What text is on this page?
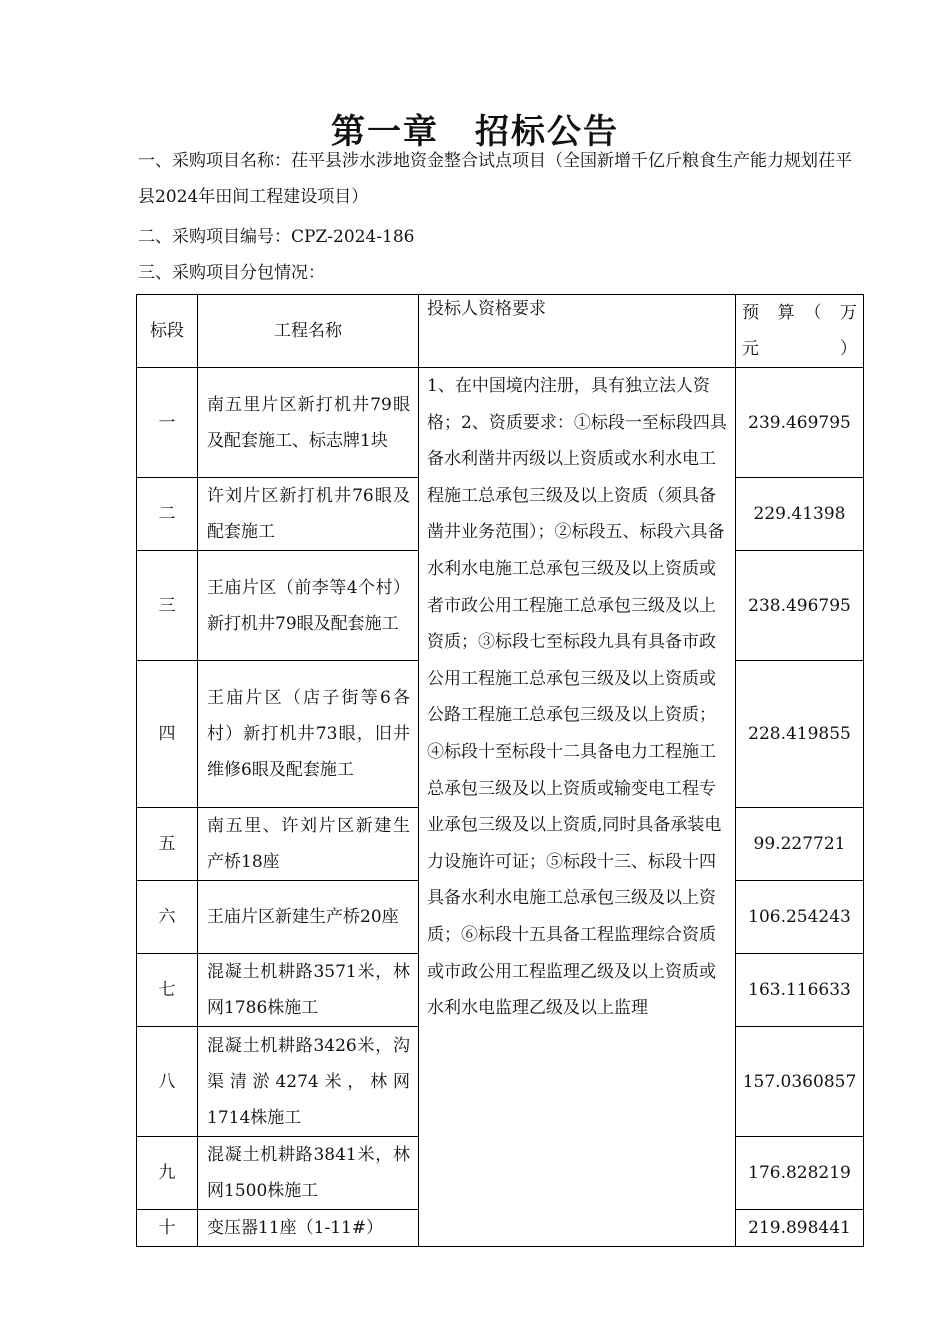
第一章　招标公告
一、采购项目名称：茌平县涉水涉地资金整合试点项目（全国新增千亿斤粮食生产能力规划茌平县2024年田间工程建设项目）
二、采购项目编号：CPZ-2024-186
三、采购项目分包情况：
标段	工程名称	投标人资格要求	预　算　（　万元）
一	南五里片区新打机井79眼及配套施工、标志牌1块	1、在中国境内注册，具有独立法人资格；2、资质要求：①标段一至标段四具备水利凿井丙级以上资质或水利水电工程施工总承包三级及以上资质（须具备凿井业务范围）；②标段五、标段六具备水利水电施工总承包三级及以上资质或者市政公用工程施工总承包三级及以上资质；③标段七至标段九具有具备市政公用工程施工总承包三级及以上资质或公路工程施工总承包三级及以上资质；④标段十至标段十二具备电力工程施工总承包三级及以上资质或输变电工程专业承包三级及以上资质,同时具备承装电力设施许可证；⑤标段十三、标段十四具备水利水电施工总承包三级及以上资质；⑥标段十五具备工程监理综合资质或市政公用工程监理乙级及以上资质或水利水电监理乙级及以上监理	239.469795
二	许刘片区新打机井76眼及配套施工		229.41398
三	王庙片区（前李等4个村）新打机井79眼及配套施工		238.496795
四	王庙片区（店子街等6各村）新打机井73眼，旧井维修6眼及配套施工		228.419855
五	南五里、许刘片区新建生产桥18座		99.227721
六	王庙片区新建生产桥20座		106.254243
七	混凝土机耕路3571米，林网1786株施工		163.116633
八	混凝土机耕路3426米，沟渠清淤4274米，林网1714株施工		157.0360857
九	混凝土机耕路3841米，林网1500株施工		176.828219
十	变压器11座（1-11#）		219.898441
